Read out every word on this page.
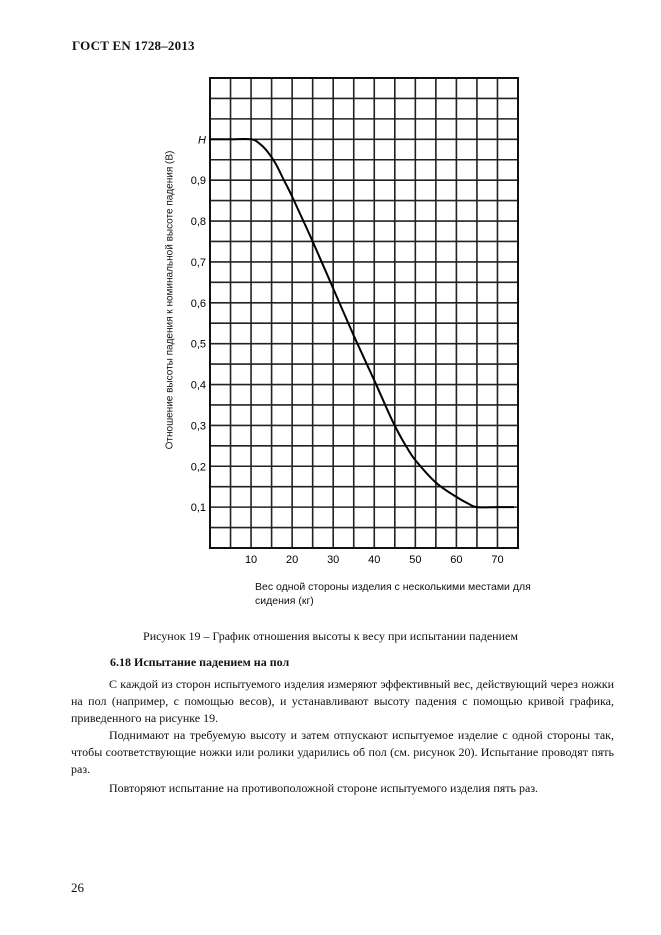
ГОСТ EN 1728–2013
10	20	30	40	50	60	70
0,1
0,2
0,3
0,4
0,5
0,6
0,7
0,8
0,9
Н
Отношение высоты падения к номинальной высоте падения (В)
Вес одной стороны изделия с несколькими местами для сидения (кг)
Рисунок 19 – График отношения высоты к весу при испытании падением
6.18 Испытание падением на пол

С каждой из сторон испытуемого изделия измеряют эффективный вес, действующий через ножки на пол (например, с помощью весов), и устанавливают высоту падения с помощью кривой графика, приведенного на рисунке 19.

Поднимают на требуемую высоту и затем отпускают испытуемое изделие с одной стороны так, чтобы соответствующие ножки или ролики ударились об пол (см. рисунок 20). Испытание проводят пять раз.

Повторяют испытание на противоположной стороне испытуемого изделия пять раз.

26
